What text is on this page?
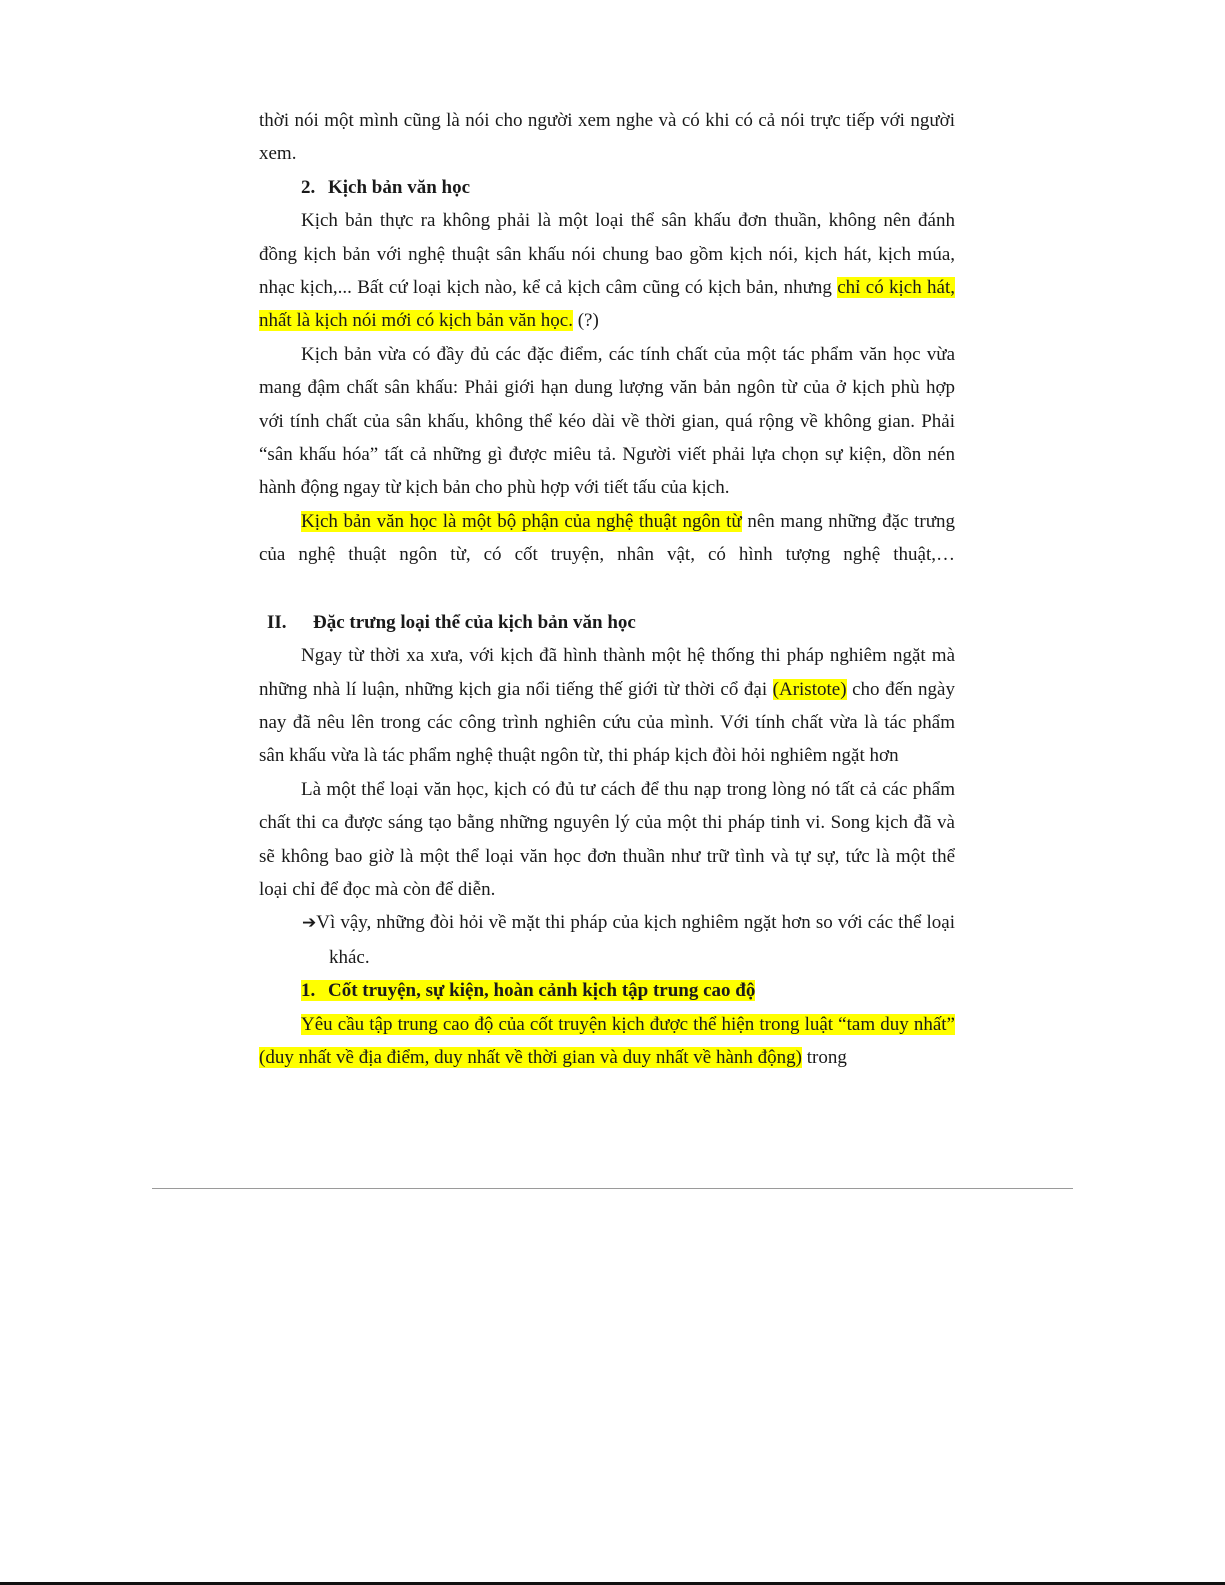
thời nói một mình cũng là nói cho người xem nghe và có khi có cả nói trực tiếp với người xem.

2. Kịch bản văn học

Kịch bản thực ra không phải là một loại thể sân khấu đơn thuần, không nên đánh đồng kịch bản với nghệ thuật sân khấu nói chung bao gồm kịch nói, kịch hát, kịch múa, nhạc kịch,... Bất cứ loại kịch nào, kể cả kịch câm cũng có kịch bản, nhưng chỉ có kịch hát, nhất là kịch nói mới có kịch bản văn học. (?)

Kịch bản vừa có đầy đủ các đặc điểm, các tính chất của một tác phẩm văn học vừa mang đậm chất sân khấu: Phải giới hạn dung lượng văn bản ngôn từ của ở kịch phù hợp với tính chất của sân khấu, không thể kéo dài về thời gian, quá rộng về không gian. Phải “sân khấu hóa” tất cả những gì được miêu tả. Người viết phải lựa chọn sự kiện, dồn nén hành động ngay từ kịch bản cho phù hợp với tiết tấu của kịch.

Kịch bản văn học là một bộ phận của nghệ thuật ngôn từ nên mang những đặc trưng của nghệ thuật ngôn từ, có cốt truyện, nhân vật, có hình tượng nghệ thuật,…

II. Đặc trưng loại thể của kịch bản văn học

Ngay từ thời xa xưa, với kịch đã hình thành một hệ thống thi pháp nghiêm ngặt mà những nhà lí luận, những kịch gia nổi tiếng thế giới từ thời cổ đại (Aristote) cho đến ngày nay đã nêu lên trong các công trình nghiên cứu của mình. Với tính chất vừa là tác phẩm sân khấu vừa là tác phẩm nghệ thuật ngôn từ, thi pháp kịch đòi hỏi nghiêm ngặt hơn

Là một thể loại văn học, kịch có đủ tư cách để thu nạp trong lòng nó tất cả các phẩm chất thi ca được sáng tạo bằng những nguyên lý của một thi pháp tinh vi. Song kịch đã và sẽ không bao giờ là một thể loại văn học đơn thuần như trữ tình và tự sự, tức là một thể loại chỉ để đọc mà còn để diễn.

➔Vì vậy, những đòi hỏi về mặt thi pháp của kịch nghiêm ngặt hơn so với các thể loại khác.

1. Cốt truyện, sự kiện, hoàn cảnh kịch tập trung cao độ

Yêu cầu tập trung cao độ của cốt truyện kịch được thể hiện trong luật “tam duy nhất” (duy nhất về địa điểm, duy nhất về thời gian và duy nhất về hành động) trong
